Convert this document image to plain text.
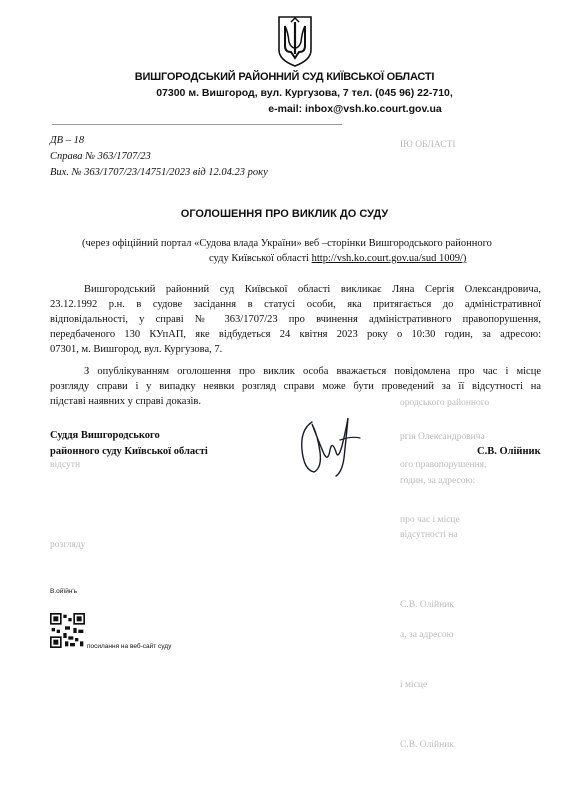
ВИШГОРОДСЬКИЙ РАЙОННИЙ СУД КИЇВСЬКОЇ ОБЛАСТІ
07300 м. Вишгород, вул. Кургузова, 7 тел. (045 96) 22-710,
e-mail: inbox@vsh.ko.court.gov.ua
ДВ – 18
Справа № 363/1707/23
Вих. № 363/1707/23/14751/2023 від 12.04.23 року
ОГОЛОШЕННЯ ПРО ВИКЛИК ДО СУДУ
(через офіційний портал «Судова влада України» веб –сторінки Вишгородського районного
суду Київської області http://vsh.ko.court.gov.ua/sud 1009/)
Вишгородський районний суд Київської області викликає Ляна Сергія Олександровича,
23.12.1992 р.н. в судове засідання в статусі особи, яка притягається до адміністративної
відповідальності, у справі № 363/1707/23 про вчинення адміністративного правопорушення,
передбаченого 130 КУпАП, яке відбудеться 24 квітня 2023 року о 10:30 годин, за адресою:
07301, м. Вишгород, вул. Кургузова, 7.
З опублікуванням оголошення про виклик особа вважається повідомлена про час і місце
розгляду справи і у випадку неявки розгляд справи може бути проведений за її відсутності на
підставі наявних у справі доказів.
Суддя Вишгородського
районного суду Київської області	С.В. Олійник
ІЮ ОБЛАСТІ
ородського районного
ргія Олександровича
ого правопорушення,
годин, за адресою:
про час і місце
відсутності на
С.В. Олійник
а, за адресою
і місце
С.В. Олійник
відсутн
розгляду
В.ойїйн'ь
посилання на веб-сайт суду
